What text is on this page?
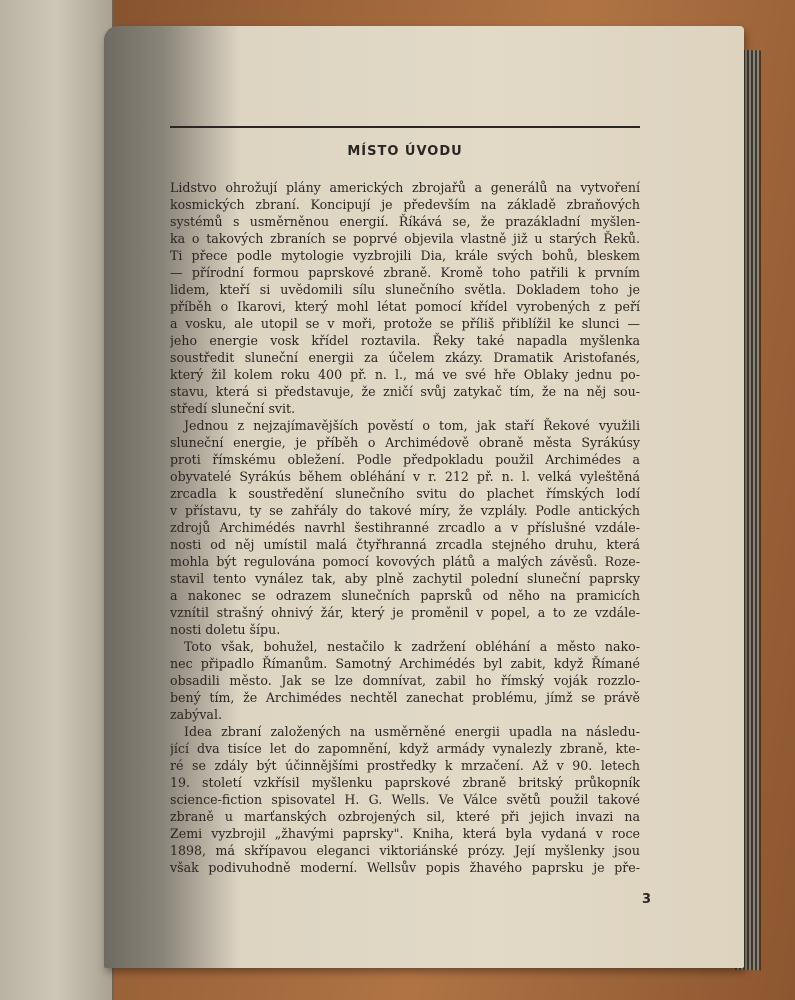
MÍSTO ÚVODU
Lidstvo ohrožují plány amerických zbrojařů a generálů na vytvoření
kosmických zbraní. Koncipují je především na základě zbraňových
systémů s usměrněnou energií. Říkává se, že prazákladní myšlen-
ka o takových zbraních se poprvé objevila vlastně již u starých Řeků.
Ti přece podle mytologie vyzbrojili Dia, krále svých bohů, bleskem
— přírodní formou paprskové zbraně. Kromě toho patřili k prvním
lidem, kteří si uvědomili sílu slunečního světla. Dokladem toho je
příběh o Ikarovi, který mohl létat pomocí křídel vyrobených z peří
a vosku, ale utopil se v moři, protože se příliš přiblížil ke slunci —
jeho energie vosk křídel roztavila. Řeky také napadla myšlenka
soustředit sluneční energii za účelem zkázy. Dramatik Aristofanés,
který žil kolem roku 400 př. n. l., má ve své hře Oblaky jednu po-
stavu, která si představuje, že zničí svůj zatykač tím, že na něj sou-
středí sluneční svit.
Jednou z nejzajímavějších pověstí o tom, jak staří Řekové využili
sluneční energie, je příběh o Archimédově obraně města Syrákúsy
proti římskému obležení. Podle předpokladu použil Archimédes a
obyvatelé Syrákús během obléhání v r. 212 př. n. l. velká vyleštěná
zrcadla k soustředění slunečního svitu do plachet římských lodí
v přístavu, ty se zahřály do takové míry, že vzplály. Podle antických
zdrojů Archimédés navrhl šestihranné zrcadlo a v příslušné vzdále-
nosti od něj umístil malá čtyřhranná zrcadla stejného druhu, která
mohla být regulována pomocí kovových plátů a malých závěsů. Roze-
stavil tento vynález tak, aby plně zachytil polední sluneční paprsky
a nakonec se odrazem slunečních paprsků od něho na pramicích
vznítil strašný ohnivý žár, který je proměnil v popel, a to ze vzdále-
nosti doletu šípu.
Toto však, bohužel, nestačilo k zadržení obléhání a město nako-
nec připadlo Římanům. Samotný Archimédés byl zabit, když Římané
obsadili město. Jak se lze domnívat, zabil ho římský voják rozzlo-
bený tím, že Archimédes nechtěl zanechat problému, jímž se právě
zabýval.
Idea zbraní založených na usměrněné energii upadla na následu-
jící dva tisíce let do zapomnění, když armády vynalezly zbraně, kte-
ré se zdály být účinnějšími prostředky k mrzačení. Až v 90. letech
19. století vzkřísil myšlenku paprskové zbraně britský průkopník
science-fiction spisovatel H. G. Wells. Ve Válce světů použil takové
zbraně u marťanských ozbrojených sil, které při jejich invazi na
Zemi vyzbrojil „žhavými paprsky". Kniha, která byla vydaná v roce
1898, má skřípavou eleganci viktoriánské prózy. Její myšlenky jsou
však podivuhodně moderní. Wellsův popis žhavého paprsku je pře-
3
